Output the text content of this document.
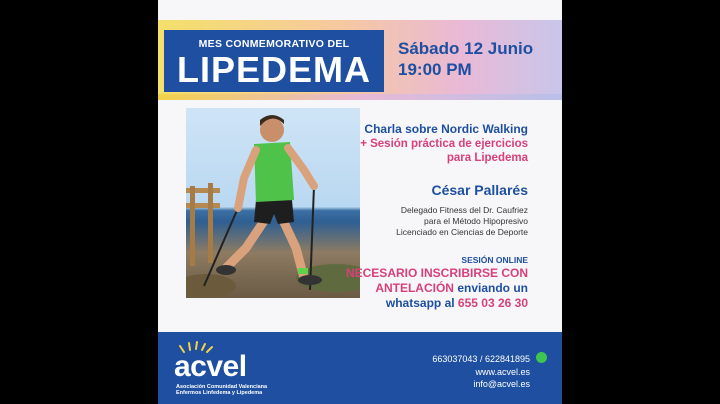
MES CONMEMORATIVO DEL
LIPEDEMA
Sábado 12 Junio
19:00 PM
Charla sobre Nordic Walking
+ Sesión práctica de ejercicios
para Lipedema
César Pallarés
Delegado Fitness del Dr. Caufriez
para el Método Hipopresivo
Licenciado en Ciencias de Deporte
SESIÓN ONLINE
NECESARIO INSCRIBIRSE CON
ANTELACIÓN enviando un
whatsapp al 655 03 26 30
acvel
Asociación Comunidad Valenciana
Enfermos Linfedema y Lipedema
663037043 / 622841895
www.acvel.es
info@acvel.es
